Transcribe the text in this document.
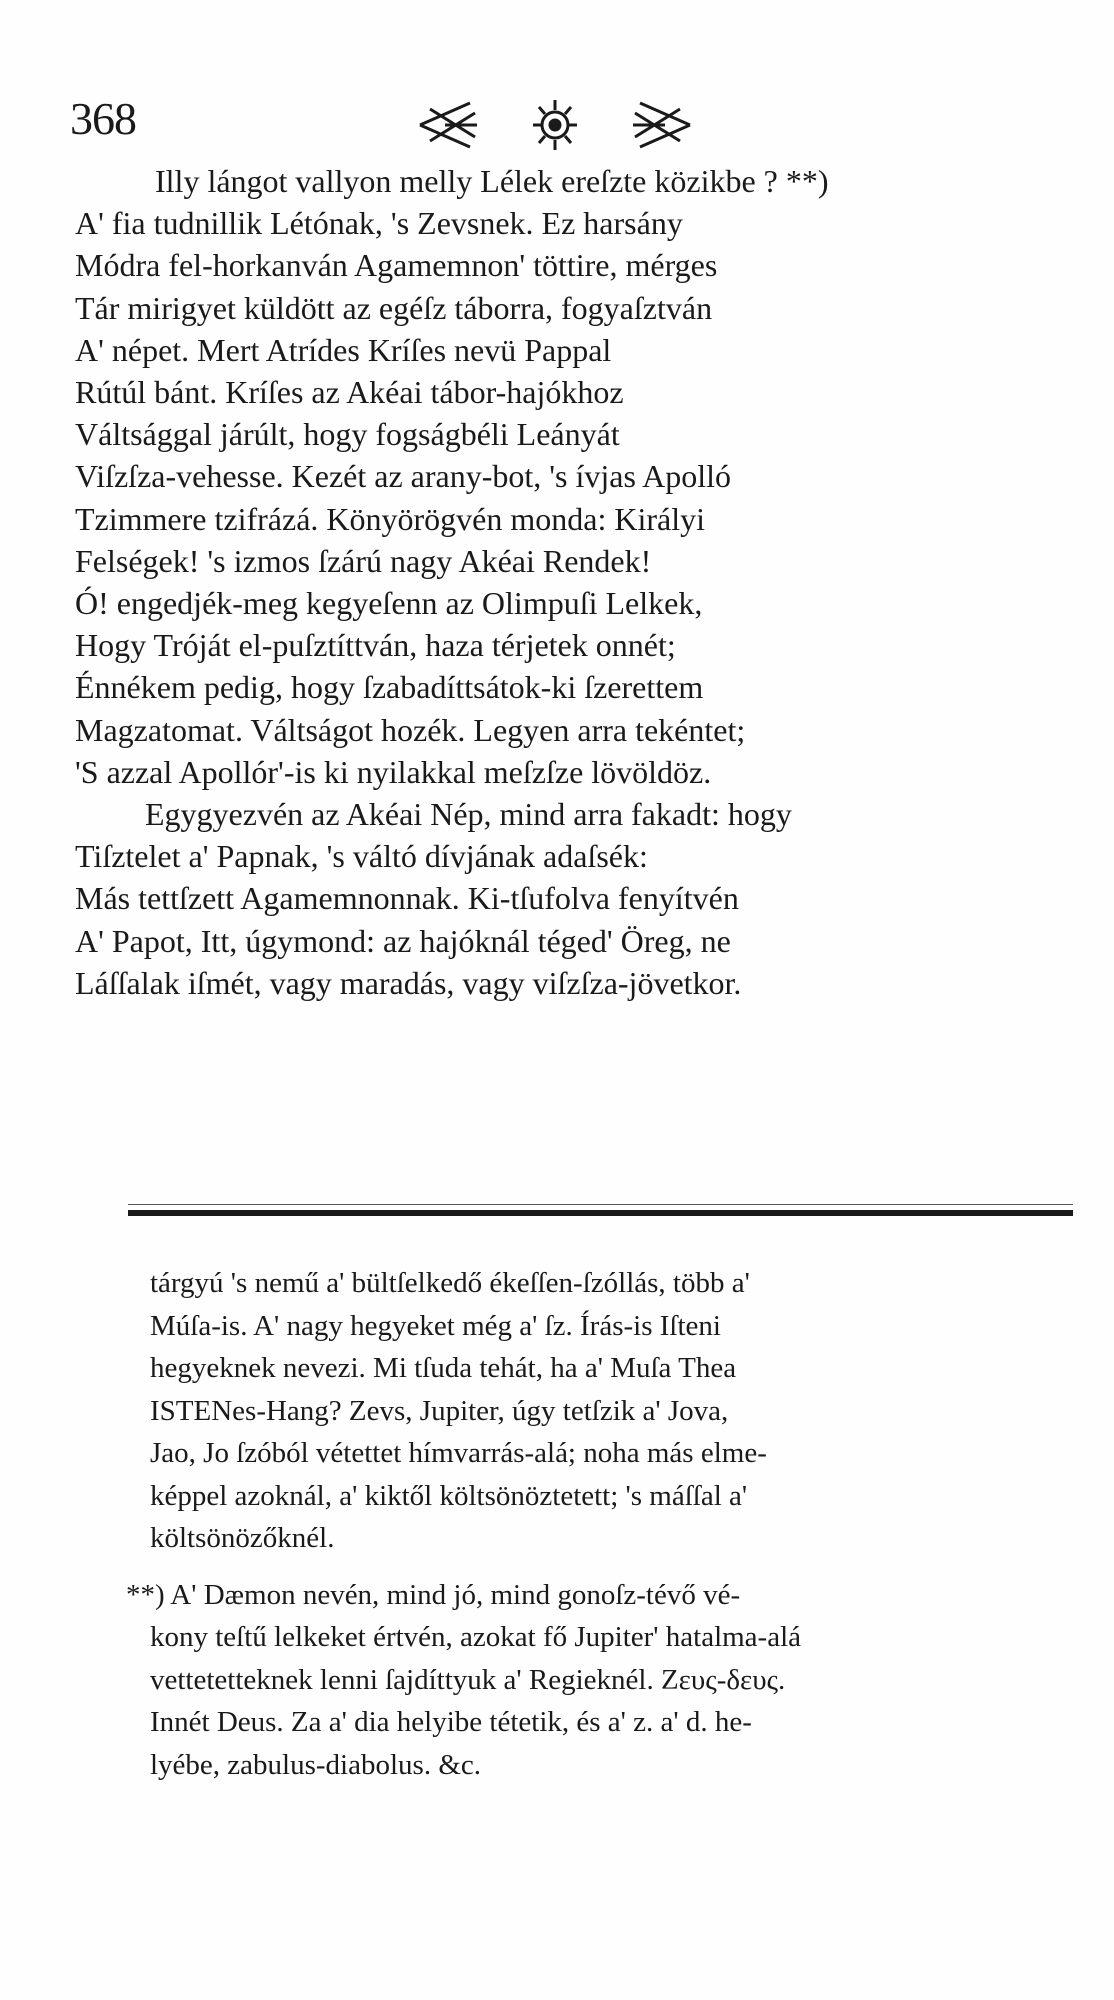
368
Illy lángot vallyon melly Lélek ereſzte közikbe ? **)
A' fia tudnillik Létónak, 's Zevsnek. Ez harsány
Módra fel-horkanván Agamemnon' töttire, mérges
Tár mirigyet küldött az egéſz táborra, fogyaſztván
A' népet. Mert Atrídes Kríſes nevü Pappal
Rútúl bánt. Kríſes az Akéai tábor-hajókhoz
Váltsággal járúlt, hogy fogságbéli Leányát
Viſzſza-vehesse. Kezét az arany-bot, 's ívjas Apolló
Tzimmere tzifrázá. Könyörögvén monda: Királyi
Felségek! 's izmos ſzárú nagy Akéai Rendek!
Ó! engedjék-meg kegyeſenn az Olimpuſi Lelkek,
Hogy Tróját el-puſztíttván, haza térjetek onnét;
Énnékem pedig, hogy ſzabadíttsátok-ki ſzerettem
Magzatomat. Váltságot hozék. Legyen arra tekéntet;
'S azzal Apollór'-is ki nyilakkal meſzſze lövöldöz.
Egygyezvén az Akéai Nép, mind arra fakadt: hogy
Tiſztelet a' Papnak, 's váltó dívjának adaſsék:
Más tettſzett Agamemnonnak. Ki-tſufolva fenyítvén
A' Papot, Itt, úgymond: az hajóknál téged' Öreg, ne
Láſſalak iſmét, vagy maradás, vagy viſzſza-jövetkor.
tárgyú 's nemű a' bültſelkedő ékeſſen-ſzóllás, több a'
Múſa-is. A' nagy hegyeket még a' ſz. Írás-is Iſteni
hegyeknek nevezi. Mi tſuda tehát, ha a' Muſa Thea
ISTENes-Hang? Zevs, Jupiter, úgy tetſzik a' Jova,
Jao, Jo ſzóból vétettet hímvarrás-alá; noha más elme-
képpel azoknál, a' kiktől költsönöztetett; 's máſſal a'
költsönözőknél.
**) A' Dæmon nevén, mind jó, mind gonoſz-tévő vé-
kony teſtű lelkeket értvén, azokat fő Jupiter' hatalma-alá
vettetetteknek lenni ſajdíttyuk a' Regieknél. Ζευς-δευς.
Innét Deus. Za a' dia helyibe tétetik, és a' z. a' d. he-
lyébe, zabulus-diabolus. &c.
